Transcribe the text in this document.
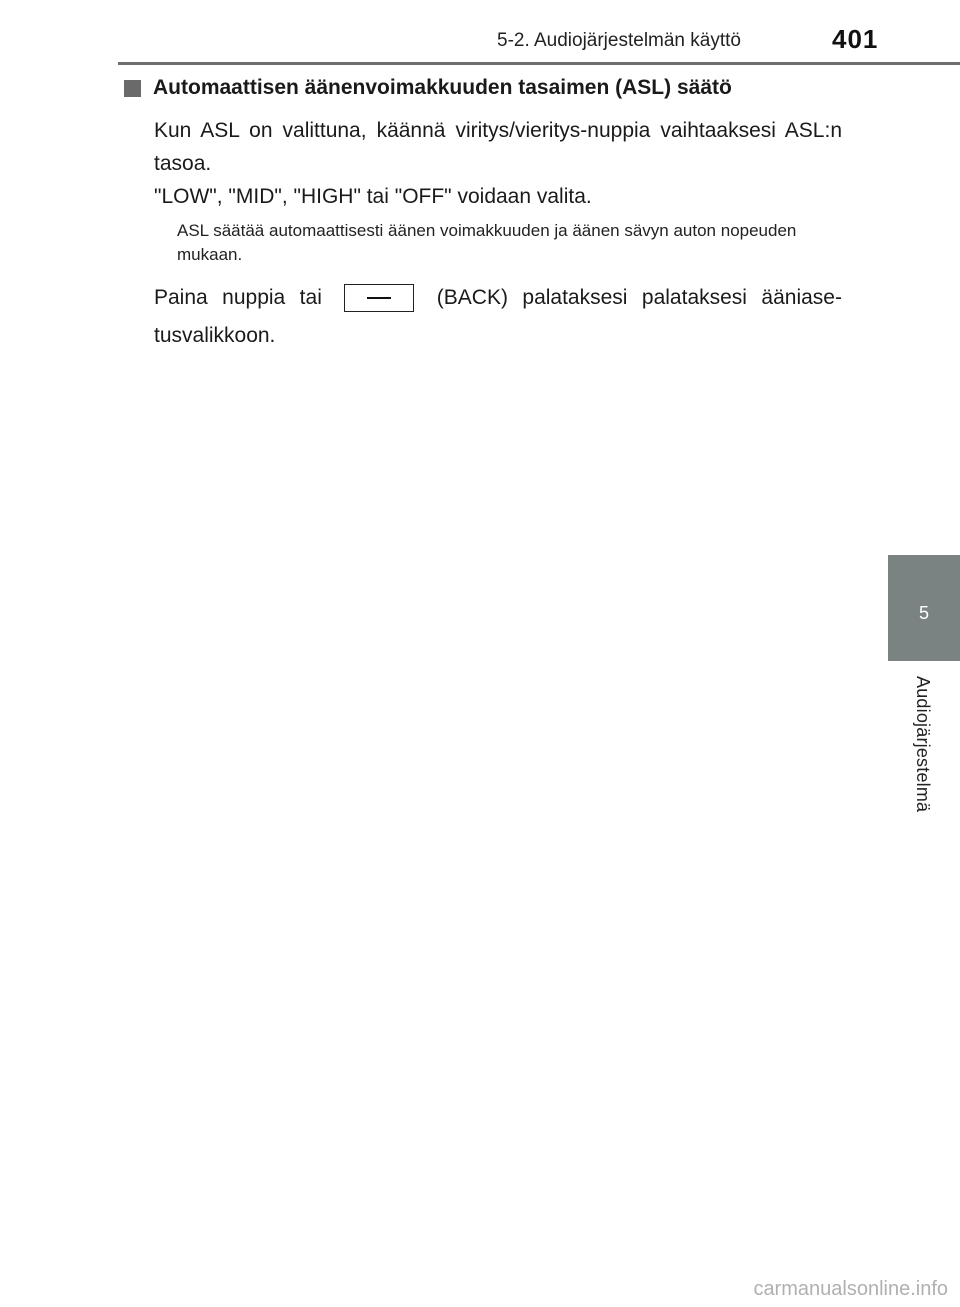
5-2. Audiojärjestelmän käyttö	401
5
Audiojärjestelmä
Automaattisen äänenvoimakkuuden tasaimen (ASL) säätö

Kun ASL on valittuna, käännä viritys/vieritys-nuppia vaihtaaksesi ASL:n tasoa.

"LOW", "MID", "HIGH" tai "OFF" voidaan valita.

ASL säätää automaattisesti äänen voimakkuuden ja äänen sävyn auton nopeuden mukaan.

Paina nuppia tai	(BACK) palataksesi palataksesi ääniase-
tusvalikkoon.
carmanualsonline.info
